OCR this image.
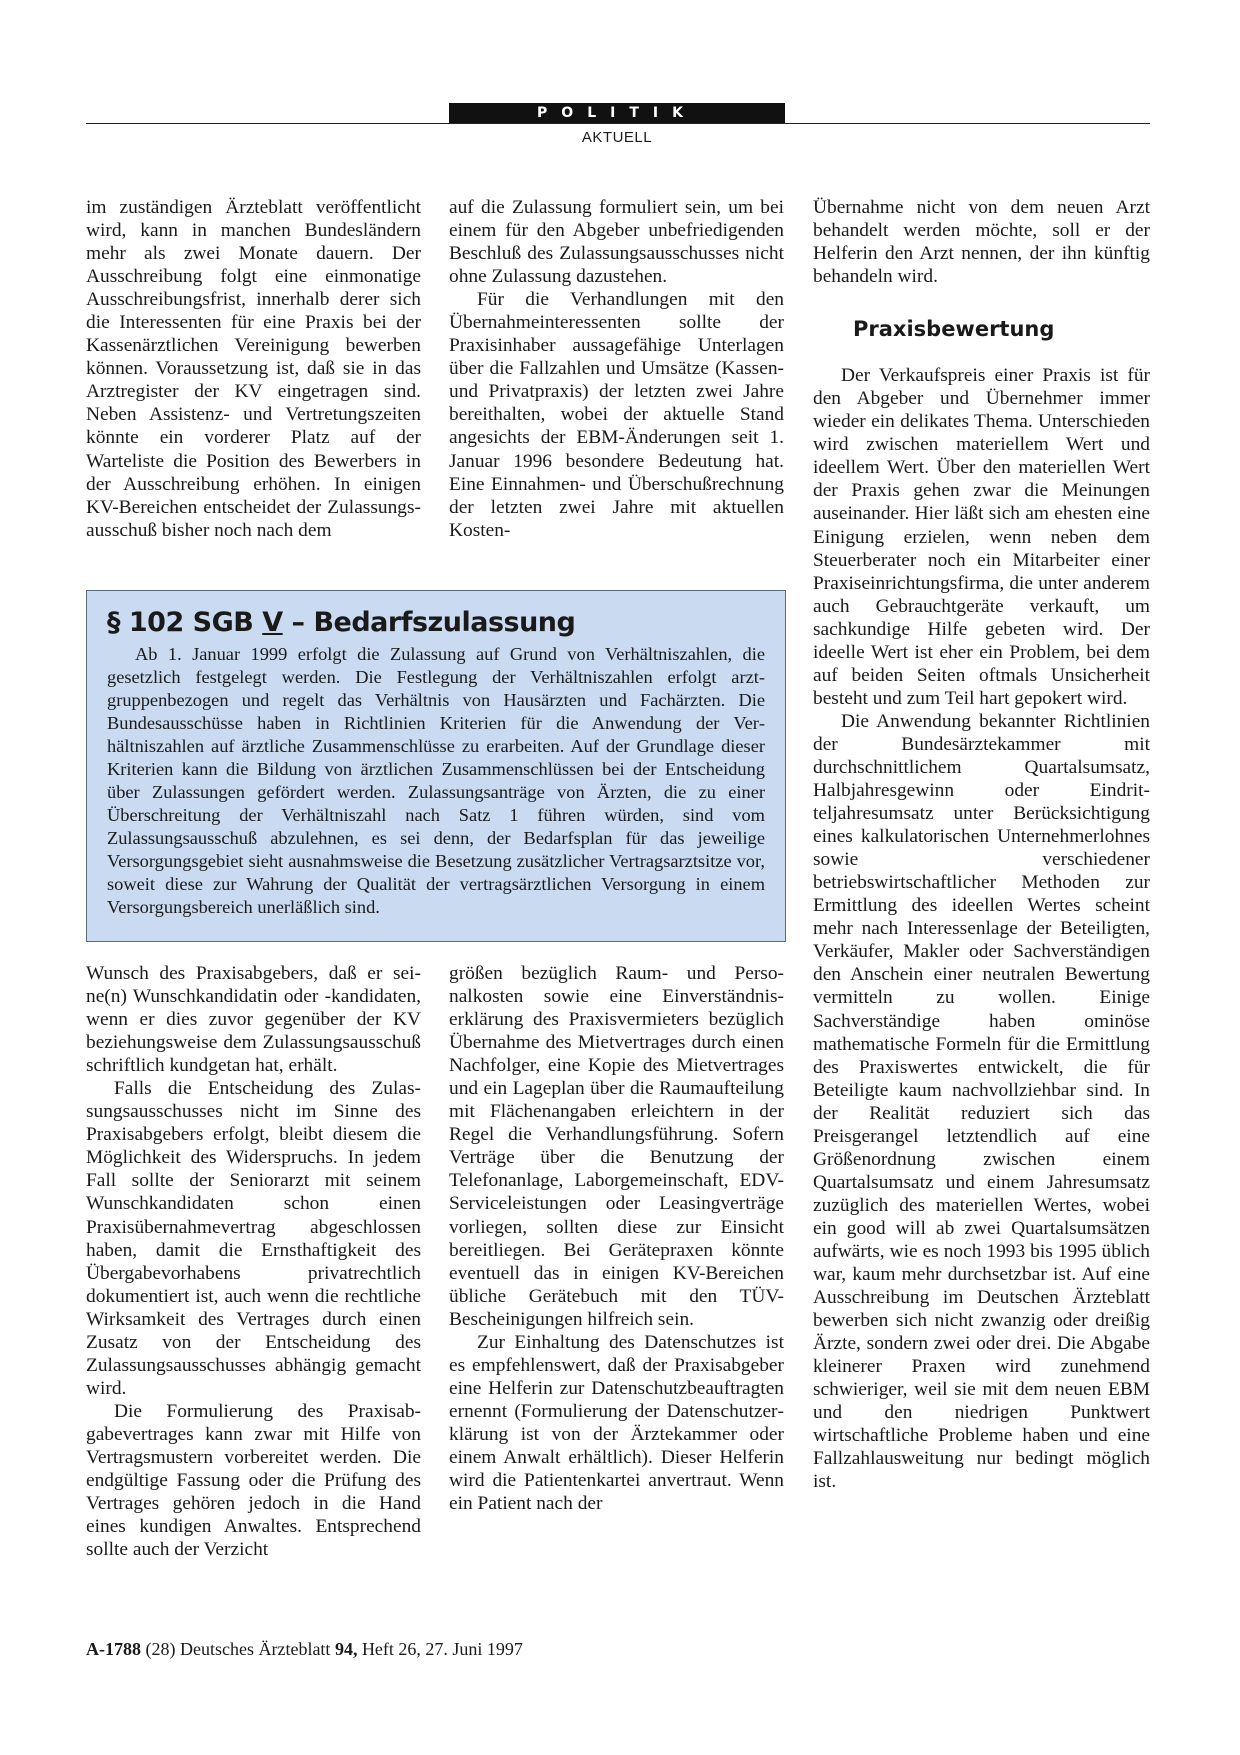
POLITIK
AKTUELL

im zuständigen Ärzteblatt veröffentlicht wird, kann in manchen Bundesländern mehr als zwei Monate dauern. Der Ausschreibung folgt eine einmonatige Ausschreibungsfrist, innerhalb derer sich die Interessenten für eine Praxis bei der Kassenärztlichen Vereinigung bewerben können. Voraussetzung ist, daß sie in das Arztregister der KV eingetragen sind. Neben Assistenz- und Vertretungszeiten könnte ein vorderer Platz auf der Warteliste die Position des Bewerbers in der Ausschreibung erhöhen. In einigen KV-Bereichen entscheidet der Zulassungsausschuß bisher noch nach dem

auf die Zulassung formuliert sein, um bei einem für den Abgeber unbefriedigenden Beschluß des Zulassungsausschusses nicht ohne Zulassung dazustehen.

Für die Verhandlungen mit den Übernahmeinteressenten sollte der Praxisinhaber aussagefähige Unterlagen über die Fallzahlen und Umsätze (Kassen- und Privatpraxis) der letzten zwei Jahre bereithalten, wobei der aktuelle Stand angesichts der EBM-Änderungen seit 1. Januar 1996 besondere Bedeutung hat. Eine Einnahmen- und Überschußrechnung der letzten zwei Jahre mit aktuellen Kosten-

Übernahme nicht von dem neuen Arzt behandelt werden möchte, soll er der Helferin den Arzt nennen, der ihn künftig behandeln wird.

Praxisbewertung

Der Verkaufspreis einer Praxis ist für den Abgeber und Übernehmer immer wieder ein delikates Thema. Unterschieden wird zwischen materiellem Wert und ideellem Wert. Über den materiellen Wert der Praxis gehen zwar die Meinungen auseinander. Hier läßt sich am ehesten eine Einigung erzielen, wenn neben dem Steuerberater noch ein Mitarbeiter einer Praxiseinrichtungsfirma, die unter anderem auch Gebrauchtgeräte verkauft, um sachkundige Hilfe gebeten wird. Der ideelle Wert ist eher ein Problem, bei dem auf beiden Seiten oftmals Unsicherheit besteht und zum Teil hart gepokert wird.

Die Anwendung bekannter Richtlinien der Bundesärztekammer mit durchschnittlichem Quartalsumsatz, Halbjahresgewinn oder Eindritteljahresumsatz unter Berücksichtigung eines kalkulatorischen Unternehmerlohnes sowie verschiedener betriebswirtschaftlicher Methoden zur Ermittlung des ideellen Wertes scheint mehr nach Interessenlage der Beteiligten, Verkäufer, Makler oder Sachverständigen den Anschein einer neutralen Bewertung vermitteln zu wollen. Einige Sachverständige haben ominöse mathematische Formeln für die Ermittlung des Praxiswertes entwickelt, die für Beteiligte kaum nachvollziehbar sind. In der Realität reduziert sich das Preisgerangel letztendlich auf eine Größenordnung zwischen einem Quartalsumsatz und einem Jahresumsatz zuzüglich des materiellen Wertes, wobei ein good will ab zwei Quartalsumsätzen aufwärts, wie es noch 1993 bis 1995 üblich war, kaum mehr durchsetzbar ist. Auf eine Ausschreibung im Deutschen Ärzteblatt bewerben sich nicht zwanzig oder dreißig Ärzte, sondern zwei oder drei. Die Abgabe kleinerer Praxen wird zunehmend schwieriger, weil sie mit dem neuen EBM und den niedrigen Punktwert wirtschaftliche Probleme haben und eine Fallzahlausweitung nur bedingt möglich ist.

§ 102 SGB V – Bedarfszulassung

Ab 1. Januar 1999 erfolgt die Zulassung auf Grund von Verhältniszahlen, die gesetzlich festgelegt werden. Die Festlegung der Verhältniszahlen erfolgt arztgruppenbezogen und regelt das Verhältnis von Hausärzten und Fachärzten. Die Bundesausschüsse haben in Richtlinien Kriterien für die Anwendung der Verhältniszahlen auf ärztliche Zusammenschlüsse zu erarbeiten. Auf der Grundlage dieser Kriterien kann die Bildung von ärztlichen Zusammenschlüssen bei der Entscheidung über Zulassungen gefördert werden. Zulassungsanträge von Ärzten, die zu einer Überschreitung der Verhältniszahl nach Satz 1 führen würden, sind vom Zulassungsausschuß abzulehnen, es sei denn, der Bedarfsplan für das jeweilige Versorgungsgebiet sieht ausnahmsweise die Besetzung zusätzlicher Vertragsarztsitze vor, soweit diese zur Wahrung der Qualität der vertragsärztlichen Versorgung in einem Versorgungsbereich unerläßlich sind.

Wunsch des Praxisabgebers, daß er seine(n) Wunschkandidatin oder -kandidaten, wenn er dies zuvor gegenüber der KV beziehungsweise dem Zulassungsausschuß schriftlich kundgetan hat, erhält.

Falls die Entscheidung des Zulassungsausschusses nicht im Sinne des Praxisabgebers erfolgt, bleibt diesem die Möglichkeit des Widerspruchs. In jedem Fall sollte der Seniorarzt mit seinem Wunschkandidaten schon einen Praxisübernahmevertrag abgeschlossen haben, damit die Ernsthaftigkeit des Übergabevorhabens privatrechtlich dokumentiert ist, auch wenn die rechtliche Wirksamkeit des Vertrages durch einen Zusatz von der Entscheidung des Zulassungsausschusses abhängig gemacht wird.

Die Formulierung des Praxisabgabevertrages kann zwar mit Hilfe von Vertragsmustern vorbereitet werden. Die endgültige Fassung oder die Prüfung des Vertrages gehören jedoch in die Hand eines kundigen Anwaltes. Entsprechend sollte auch der Verzicht

größen bezüglich Raum- und Personalkosten sowie eine Einverständniserklärung des Praxisvermieters bezüglich Übernahme des Mietvertrages durch einen Nachfolger, eine Kopie des Mietvertrages und ein Lageplan über die Raumaufteilung mit Flächenangaben erleichtern in der Regel die Verhandlungsführung. Sofern Verträge über die Benutzung der Telefonanlage, Laborgemeinschaft, EDV-Serviceleistungen oder Leasingverträge vorliegen, sollten diese zur Einsicht bereitliegen. Bei Gerätepraxen könnte eventuell das in einigen KV-Bereichen übliche Gerätebuch mit den TÜV-Bescheinigungen hilfreich sein.

Zur Einhaltung des Datenschutzes ist es empfehlenswert, daß der Praxisabgeber eine Helferin zur Datenschutzbeauftragten ernennt (Formulierung der Datenschutzerklärung ist von der Ärztekammer oder einem Anwalt erhältlich). Dieser Helferin wird die Patientenkartei anvertraut. Wenn ein Patient nach der

A-1788 (28) Deutsches Ärzteblatt 94, Heft 26, 27. Juni 1997
